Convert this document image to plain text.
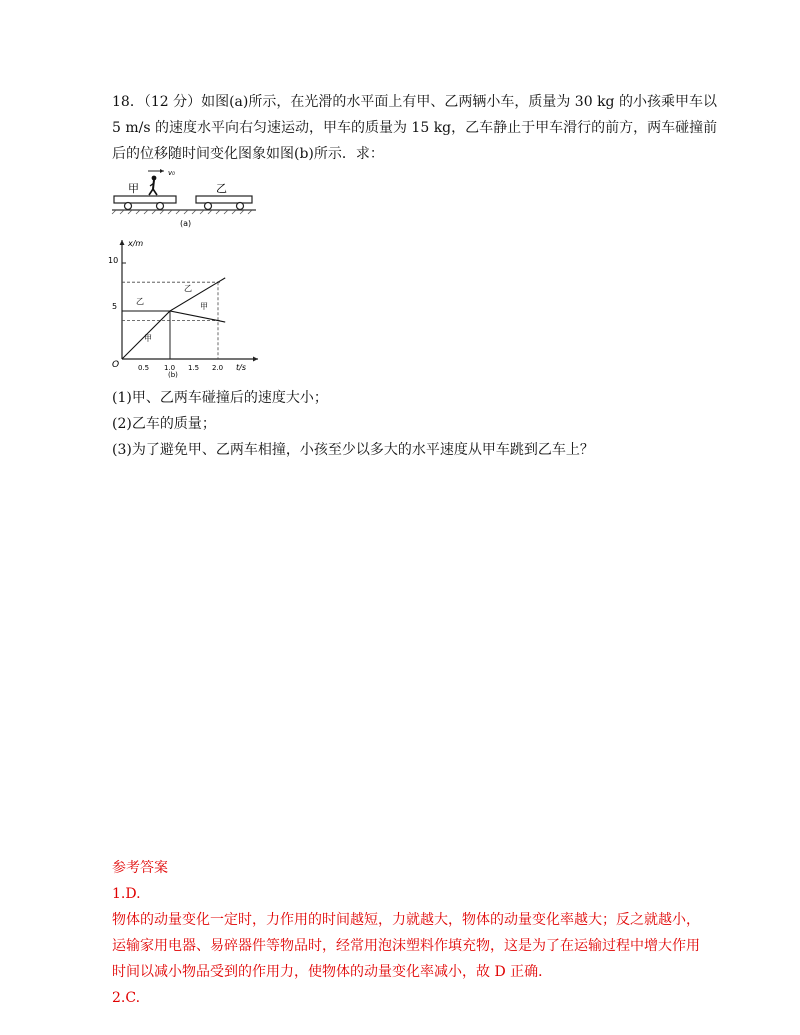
18．（12 分）如图(a)所示，在光滑的水平面上有甲、乙两辆小车，质量为 30 kg 的小孩乘甲车以
5 m/s 的速度水平向右匀速运动，甲车的质量为 15 kg，乙车静止于甲车滑行的前方，两车碰撞前
后的位移随时间变化图象如图(b)所示．求：
甲
v₀
乙
(a)
x/m
t/s
O
10
5
0.5 1.0 1.5 2.0
乙
乙
甲
甲
(b)
(1)甲、乙两车碰撞后的速度大小；
(2)乙车的质量；
(3)为了避免甲、乙两车相撞，小孩至少以多大的水平速度从甲车跳到乙车上？
参考答案
1.D.
物体的动量变化一定时，力作用的时间越短，力就越大，物体的动量变化率越大；反之就越小，
运输家用电器、易碎器件等物品时，经常用泡沫塑料作填充物，这是为了在运输过程中增大作用
时间以减小物品受到的作用力，使物体的动量变化率减小，故 D 正确．
2.C.
